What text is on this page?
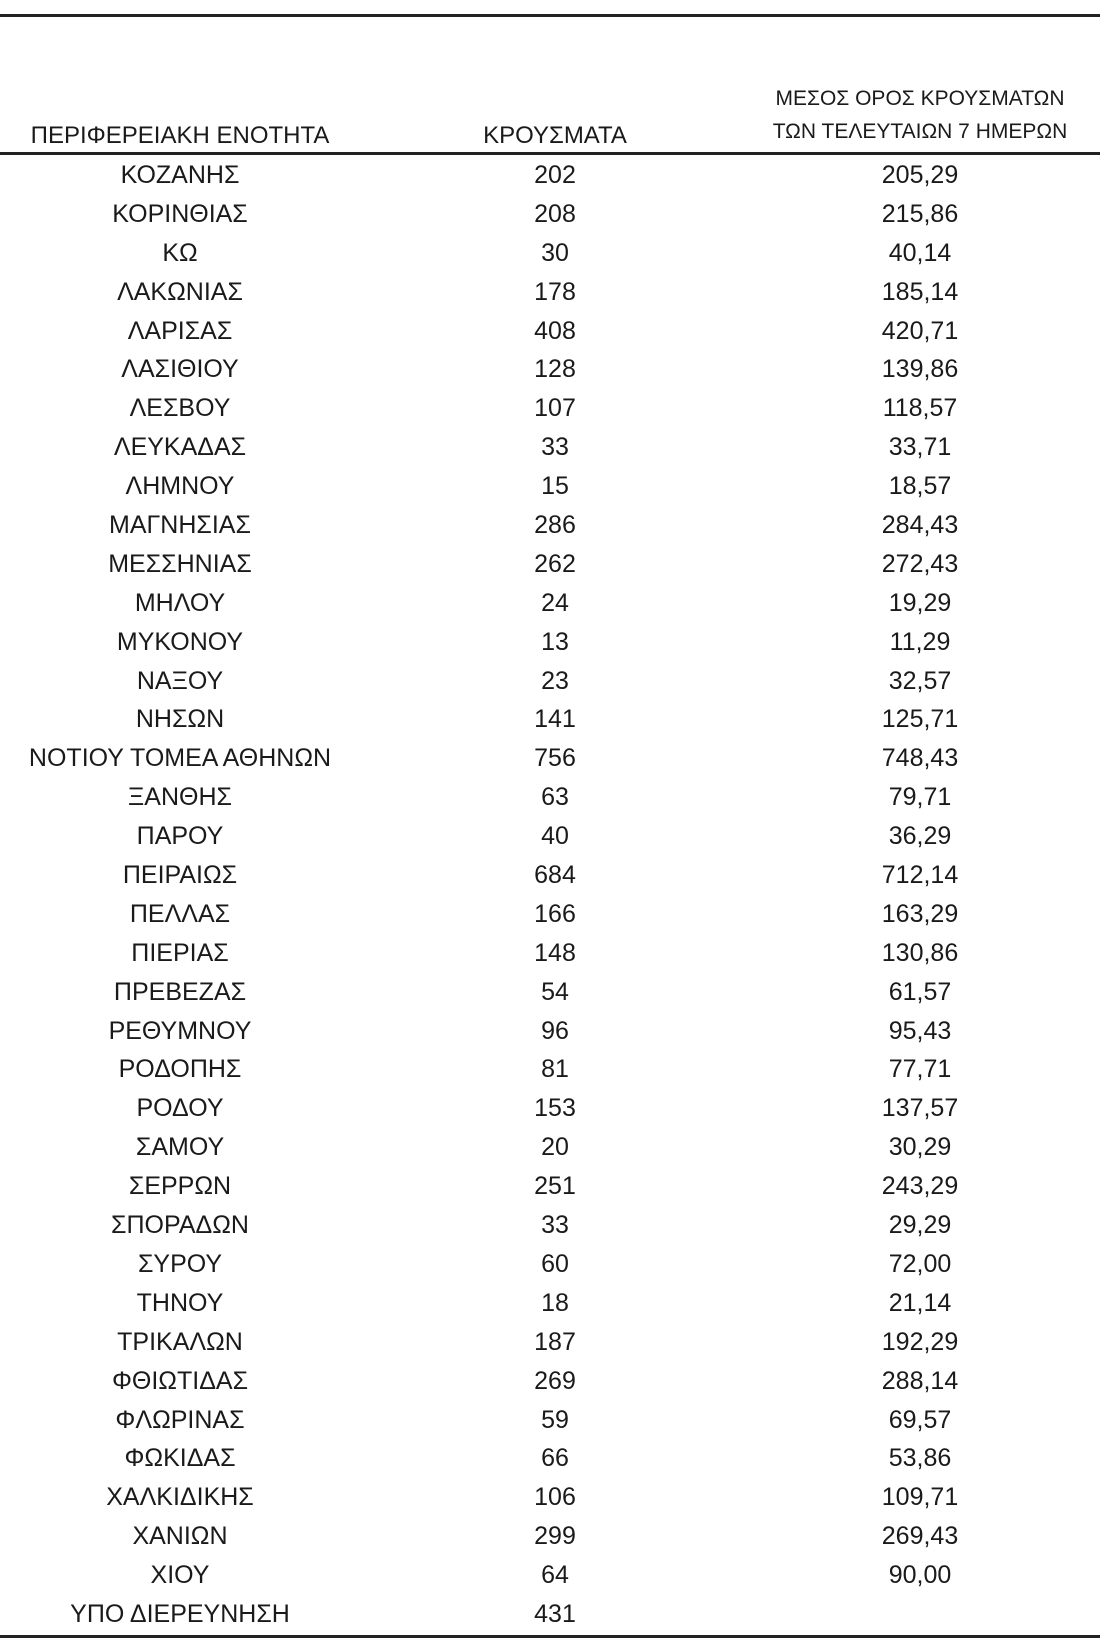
ΠΕΡΙΦΕΡΕΙΑΚΗ ΕΝΟΤΗΤΑ	ΚΡΟΥΣΜΑΤΑ
ΜΕΣΟΣ ΟΡΟΣ ΚΡΟΥΣΜΑΤΩΝ
ΤΩΝ ΤΕΛΕΥΤΑΙΩΝ 7 ΗΜΕΡΩΝ
ΚΟΖΑΝΗΣ	202	205,29
ΚΟΡΙΝΘΙΑΣ	208	215,86
ΚΩ	30	40,14
ΛΑΚΩΝΙΑΣ	178	185,14
ΛΑΡΙΣΑΣ	408	420,71
ΛΑΣΙΘΙΟΥ	128	139,86
ΛΕΣΒΟΥ	107	118,57
ΛΕΥΚΑΔΑΣ	33	33,71
ΛΗΜΝΟΥ	15	18,57
ΜΑΓΝΗΣΙΑΣ	286	284,43
ΜΕΣΣΗΝΙΑΣ	262	272,43
ΜΗΛΟΥ	24	19,29
ΜΥΚΟΝΟΥ	13	11,29
ΝΑΞΟΥ	23	32,57
ΝΗΣΩΝ	141	125,71
ΝΟΤΙΟΥ ΤΟΜΕΑ ΑΘΗΝΩΝ	756	748,43
ΞΑΝΘΗΣ	63	79,71
ΠΑΡΟΥ	40	36,29
ΠΕΙΡΑΙΩΣ	684	712,14
ΠΕΛΛΑΣ	166	163,29
ΠΙΕΡΙΑΣ	148	130,86
ΠΡΕΒΕΖΑΣ	54	61,57
ΡΕΘΥΜΝΟΥ	96	95,43
ΡΟΔΟΠΗΣ	81	77,71
ΡΟΔΟΥ	153	137,57
ΣΑΜΟΥ	20	30,29
ΣΕΡΡΩΝ	251	243,29
ΣΠΟΡΑΔΩΝ	33	29,29
ΣΥΡΟΥ	60	72,00
ΤΗΝΟΥ	18	21,14
ΤΡΙΚΑΛΩΝ	187	192,29
ΦΘΙΩΤΙΔΑΣ	269	288,14
ΦΛΩΡΙΝΑΣ	59	69,57
ΦΩΚΙΔΑΣ	66	53,86
ΧΑΛΚΙΔΙΚΗΣ	106	109,71
ΧΑΝΙΩΝ	299	269,43
ΧΙΟΥ	64	90,00
ΥΠΟ ΔΙΕΡΕΥΝΗΣΗ	431
